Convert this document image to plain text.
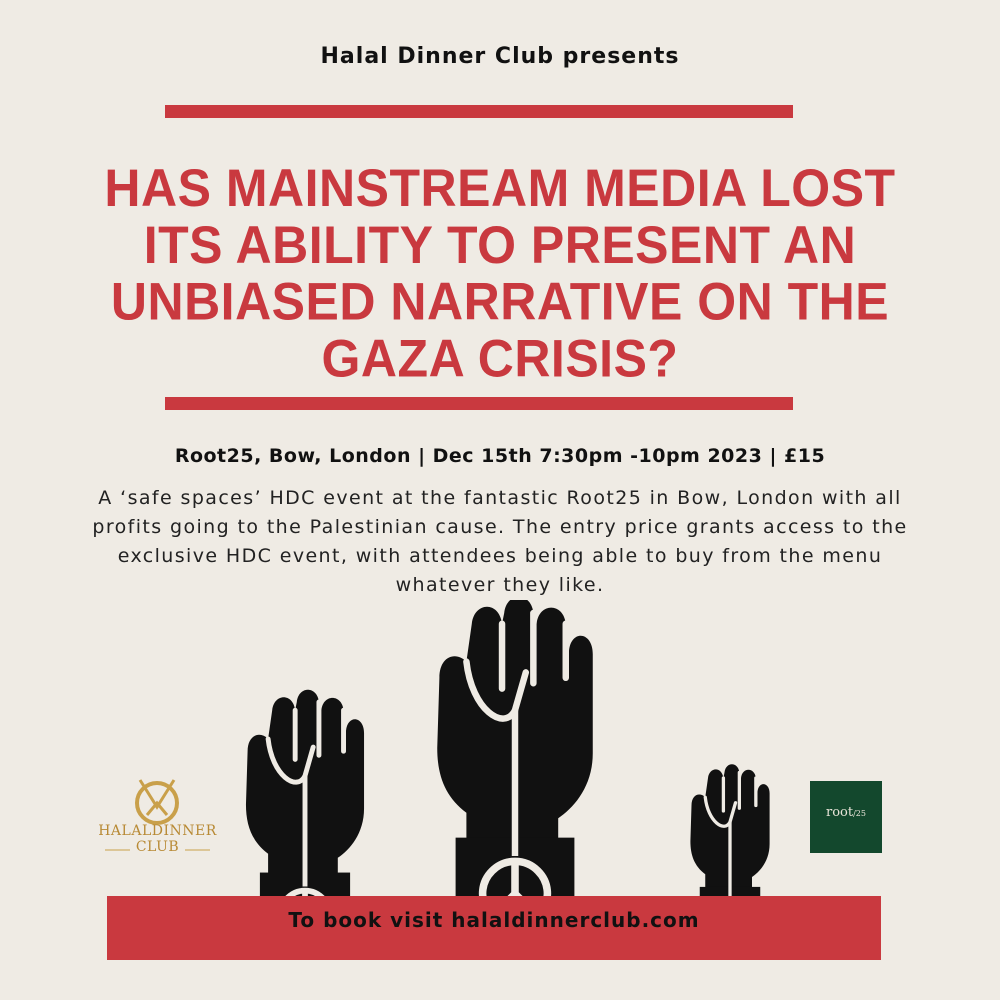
Halal Dinner Club presents
HAS MAINSTREAM MEDIA LOST ITS ABILITY TO PRESENT AN UNBIASED NARRATIVE ON THE GAZA CRISIS?
Root25, Bow, London | Dec 15th 7:30pm -10pm 2023 | £15

A ‘safe spaces’ HDC event at the fantastic Root25 in Bow, London with all profits going to the Palestinian cause. The entry price grants access to the exclusive HDC event, with attendees being able to buy from the menu whatever they like.

HALALDINNER
CLUB
root/25
To book visit halaldinnerclub.com
